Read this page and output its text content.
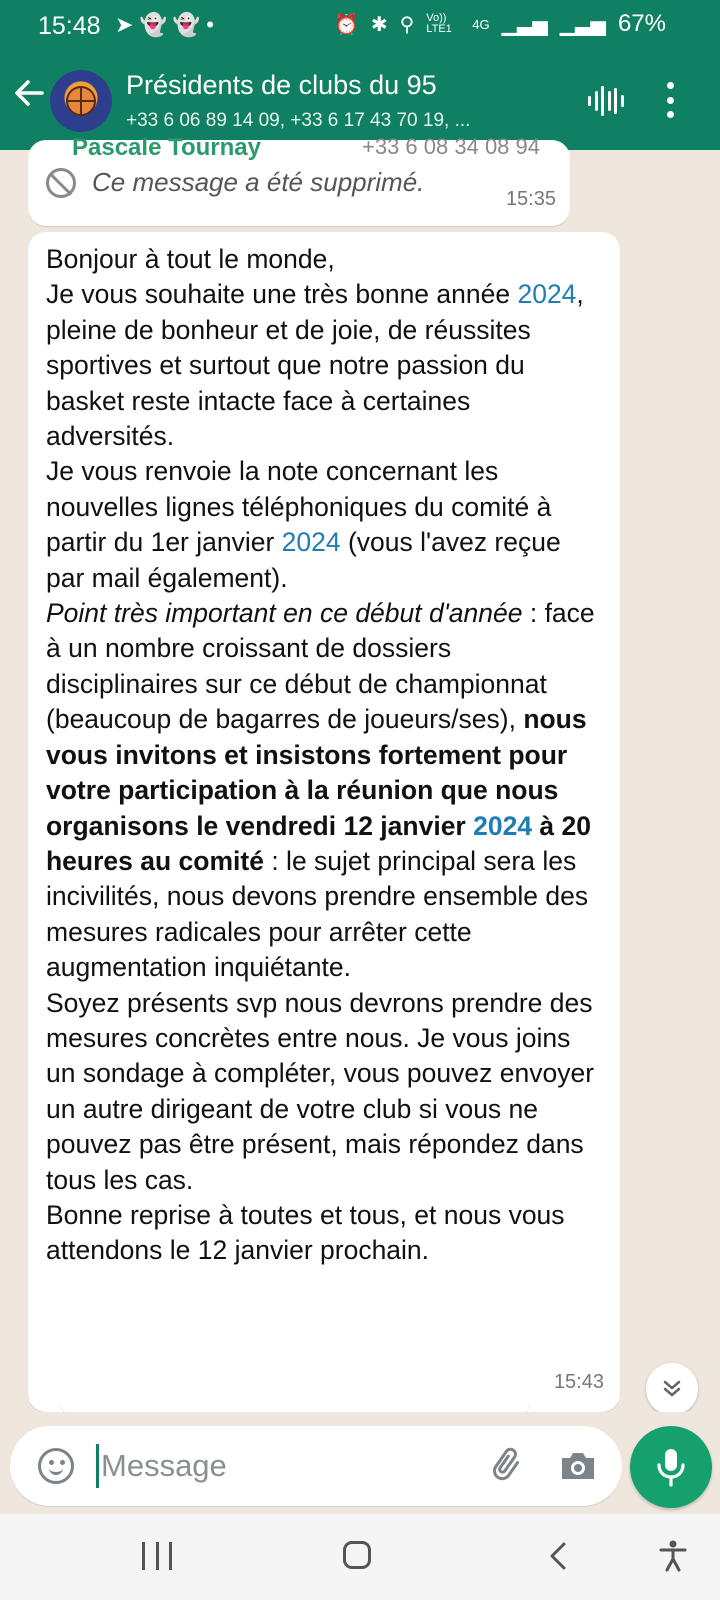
15:48 ➤ 👻 👻 •	⏰ ✱ ⚲ Vo)) LTE1	4G ▁▃▅ ▁▃▅ 67%
Présidents de clubs du 95
+33 6 06 89 14 09, +33 6 17 43 70 19, ...
Pascale Tournay	+33 6 08 34 08 94
Ce message a été supprimé.
15:35

Bonjour à tout le monde,

Je vous souhaite une très bonne année 2024, pleine de bonheur et de joie, de réussites sportives et surtout que notre passion du basket reste intacte face à certaines adversités.

Je vous renvoie la note concernant les nouvelles lignes téléphoniques du comité à partir du 1er janvier 2024 (vous l'avez reçue par mail également).

Point très important en ce début d'année : face à un nombre croissant de dossiers disciplinaires sur ce début de championnat (beaucoup de bagarres de joueurs/ses), nous vous invitons et insistons fortement pour votre participation à la réunion que nous organisons le vendredi 12 janvier 2024 à 20 heures au comité : le sujet principal sera les incivilités, nous devons prendre ensemble des mesures radicales pour arrêter cette augmentation inquiétante.

Soyez présents svp nous devrons prendre des mesures concrètes entre nous. Je vous joins un sondage à compléter, vous pouvez envoyer un autre dirigeant de votre club si vous ne pouvez pas être présent, mais répondez dans tous les cas.

Bonne reprise à toutes et tous, et nous vous attendons le 12 janvier prochain.

15:43
Message
